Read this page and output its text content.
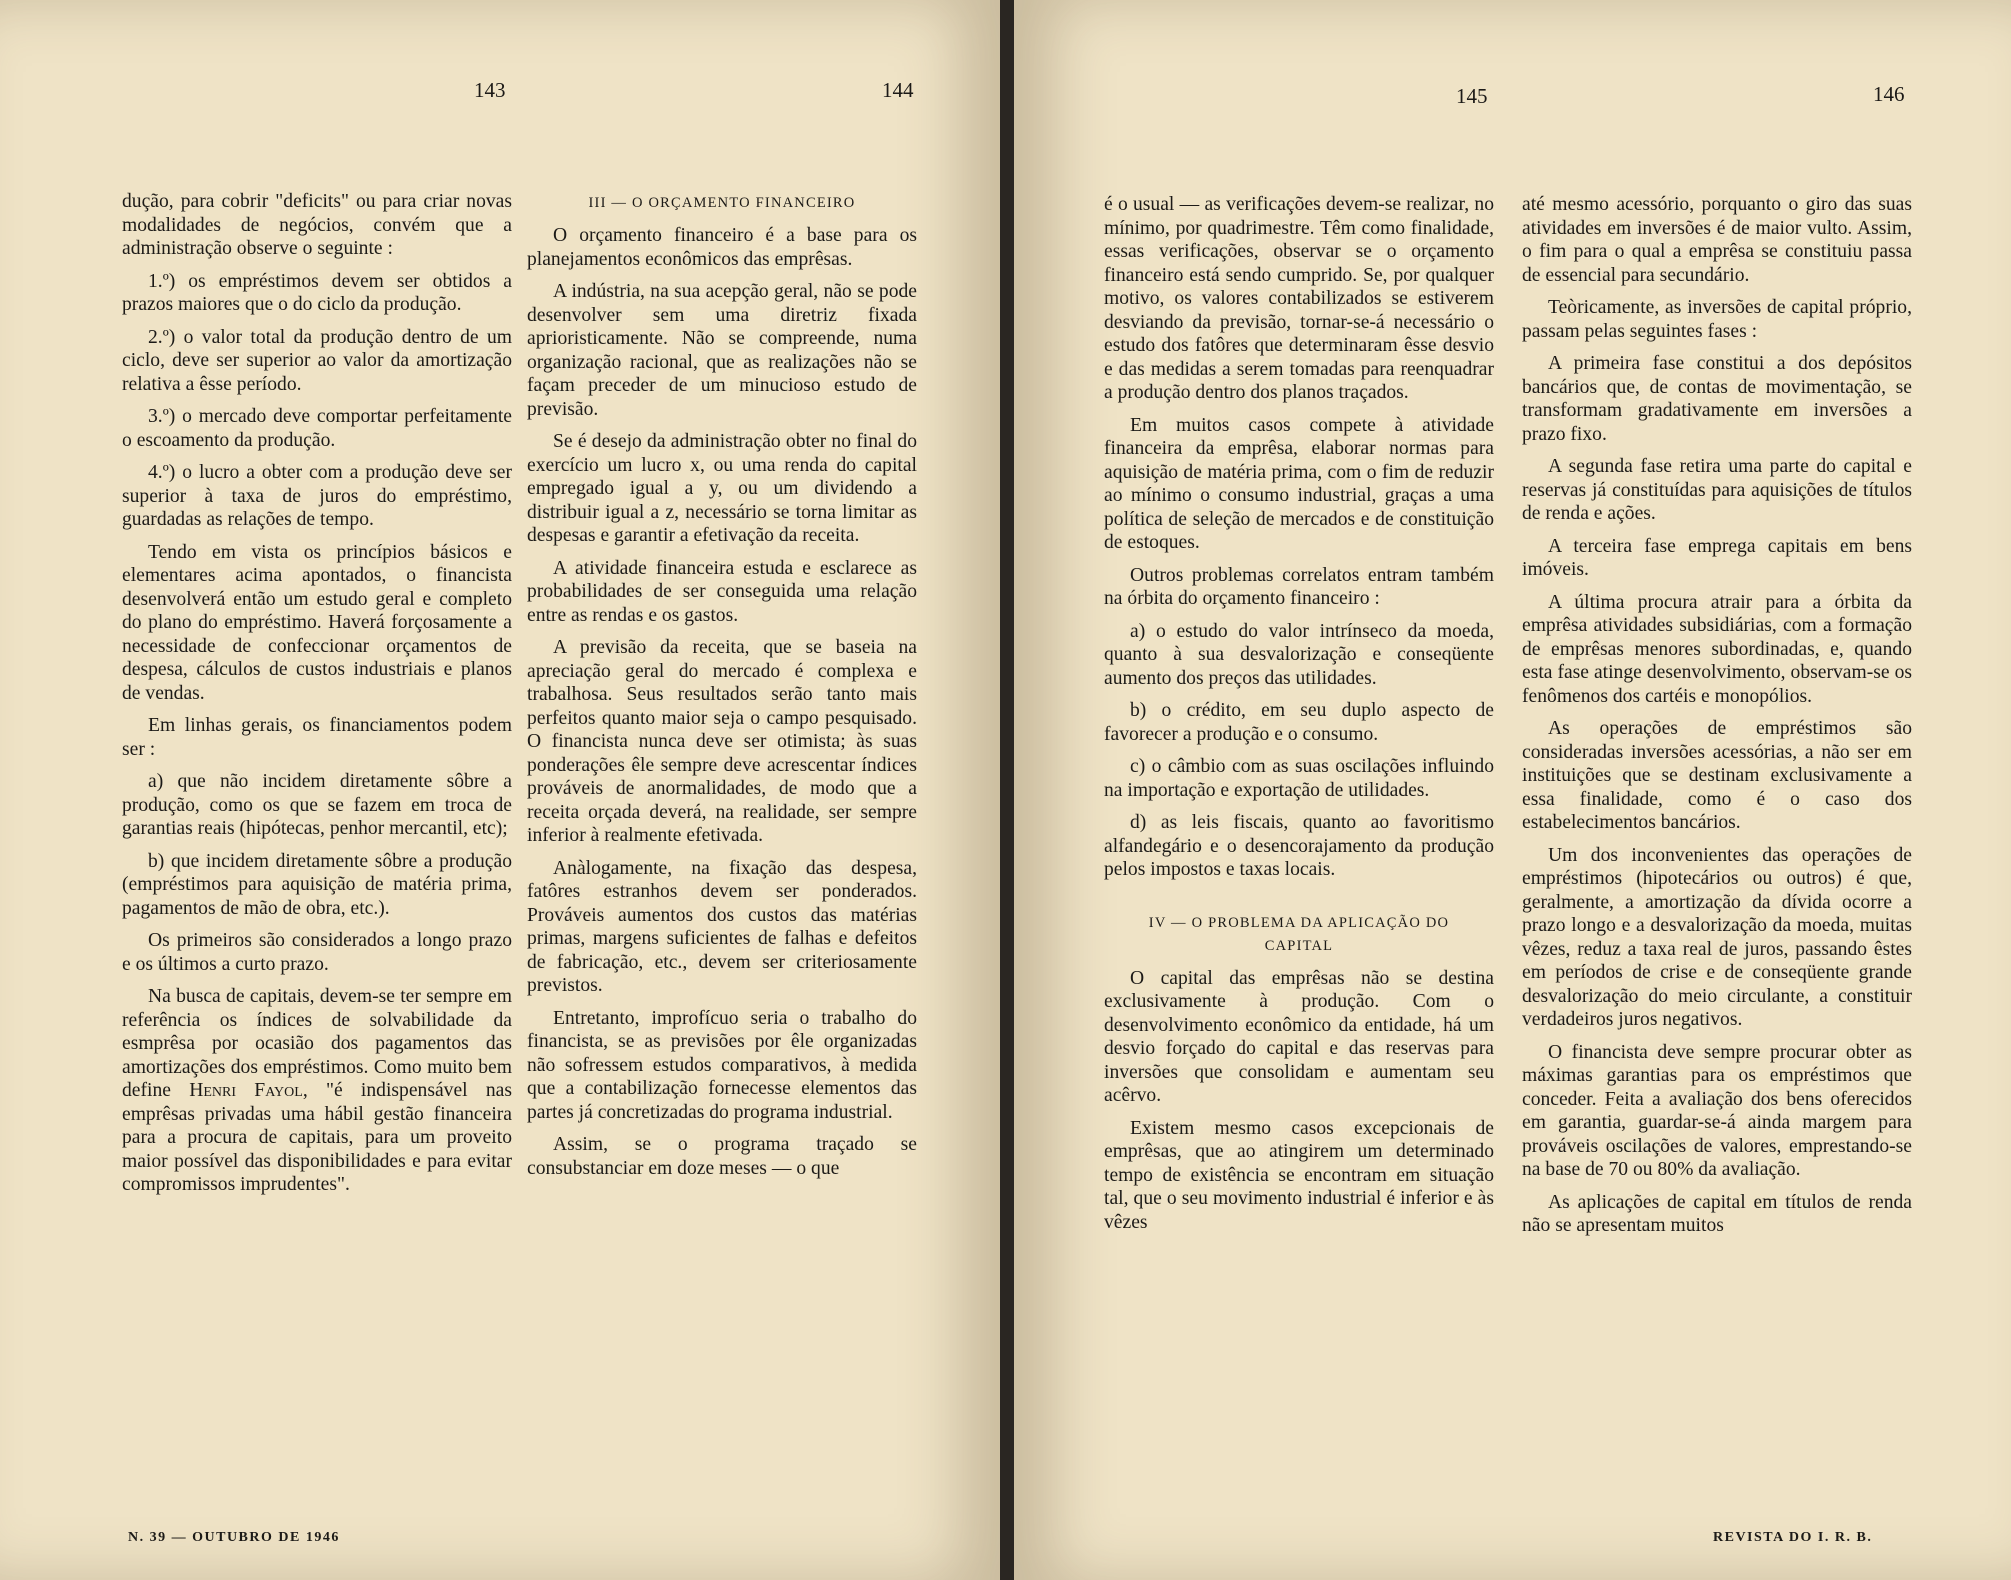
143	144

dução, para cobrir "deficits" ou para criar novas modalidades de negócios, convém que a administração observe o seguinte :

1.º) os empréstimos devem ser obtidos a prazos maiores que o do ciclo da produção.

2.º) o valor total da produção dentro de um ciclo, deve ser superior ao valor da amortização relativa a êsse período.

3.º) o mercado deve comportar perfeitamente o escoamento da produção.

4.º) o lucro a obter com a produção deve ser superior à taxa de juros do empréstimo, guardadas as relações de tempo.

Tendo em vista os princípios básicos e elementares acima apontados, o financista desenvolverá então um estudo geral e completo do plano do empréstimo. Haverá forçosamente a necessidade de confeccionar orçamentos de despesa, cálculos de custos industriais e planos de vendas.

Em linhas gerais, os financiamentos podem ser :

a) que não incidem diretamente sôbre a produção, como os que se fazem em troca de garantias reais (hipótecas, penhor mercantil, etc);

b) que incidem diretamente sôbre a produção (empréstimos para aquisição de matéria prima, pagamentos de mão de obra, etc.).

Os primeiros são considerados a longo prazo e os últimos a curto prazo.

Na busca de capitais, devem-se ter sempre em referência os índices de solvabilidade da esmprêsa por ocasião dos pagamentos das amortizações dos empréstimos. Como muito bem define Henri Fayol, "é indispensável nas emprêsas privadas uma hábil gestão financeira para a procura de capitais, para um proveito maior possível das disponibilidades e para evitar compromissos imprudentes".

III — O ORÇAMENTO FINANCEIRO

O orçamento financeiro é a base para os planejamentos econômicos das emprêsas.

A indústria, na sua acepção geral, não se pode desenvolver sem uma diretriz fixada aprioristicamente. Não se compreende, numa organização racional, que as realizações não se façam preceder de um minucioso estudo de previsão.

Se é desejo da administração obter no final do exercício um lucro x, ou uma renda do capital empregado igual a y, ou um dividendo a distribuir igual a z, necessário se torna limitar as despesas e garantir a efetivação da receita.

A atividade financeira estuda e esclarece as probabilidades de ser conseguida uma relação entre as rendas e os gastos.

A previsão da receita, que se baseia na apreciação geral do mercado é complexa e trabalhosa. Seus resultados serão tanto mais perfeitos quanto maior seja o campo pesquisado. O financista nunca deve ser otimista; às suas ponderações êle sempre deve acrescentar índices prováveis de anormalidades, de modo que a receita orçada deverá, na realidade, ser sempre inferior à realmente efetivada.

Anàlogamente, na fixação das despesa, fatôres estranhos devem ser ponderados. Prováveis aumentos dos custos das matérias primas, margens suficientes de falhas e defeitos de fabricação, etc., devem ser criteriosamente previstos.

Entretanto, improfícuo seria o trabalho do financista, se as previsões por êle organizadas não sofressem estudos comparativos, à medida que a contabilização fornecesse elementos das partes já concretizadas do programa industrial.

Assim, se o programa traçado se consubstanciar em doze meses — o que

N. 39 — OUTUBRO DE 1946
145	146

é o usual — as verificações devem-se realizar, no mínimo, por quadrimestre. Têm como finalidade, essas verificações, observar se o orçamento financeiro está sendo cumprido. Se, por qualquer motivo, os valores contabilizados se estiverem desviando da previsão, tornar-se-á necessário o estudo dos fatôres que determinaram êsse desvio e das medidas a serem tomadas para reenquadrar a produção dentro dos planos traçados.

Em muitos casos compete à atividade financeira da emprêsa, elaborar normas para aquisição de matéria prima, com o fim de reduzir ao mínimo o consumo industrial, graças a uma política de seleção de mercados e de constituição de estoques.

Outros problemas correlatos entram também na órbita do orçamento financeiro :

a) o estudo do valor intrínseco da moeda, quanto à sua desvalorização e conseqüente aumento dos preços das utilidades.

b) o crédito, em seu duplo aspecto de favorecer a produção e o consumo.

c) o câmbio com as suas oscilações influindo na importação e exportação de utilidades.

d) as leis fiscais, quanto ao favoritismo alfandegário e o desencorajamento da produção pelos impostos e taxas locais.

IV — O PROBLEMA DA APLICAÇÃO DO CAPITAL

O capital das emprêsas não se destina exclusivamente à produção. Com o desenvolvimento econômico da entidade, há um desvio forçado do capital e das reservas para inversões que consolidam e aumentam seu acêrvo.

Existem mesmo casos excepcionais de emprêsas, que ao atingirem um determinado tempo de existência se encontram em situação tal, que o seu movimento industrial é inferior e às vêzes

até mesmo acessório, porquanto o giro das suas atividades em inversões é de maior vulto. Assim, o fim para o qual a emprêsa se constituiu passa de essencial para secundário.

Teòricamente, as inversões de capital próprio, passam pelas seguintes fases :

A primeira fase constitui a dos depósitos bancários que, de contas de movimentação, se transformam gradativamente em inversões a prazo fixo.

A segunda fase retira uma parte do capital e reservas já constituídas para aquisições de títulos de renda e ações.

A terceira fase emprega capitais em bens imóveis.

A última procura atrair para a órbita da emprêsa atividades subsidiárias, com a formação de emprêsas menores subordinadas, e, quando esta fase atinge desenvolvimento, observam-se os fenômenos dos cartéis e monopólios.

As operações de empréstimos são consideradas inversões acessórias, a não ser em instituições que se destinam exclusivamente a essa finalidade, como é o caso dos estabelecimentos bancários.

Um dos inconvenientes das operações de empréstimos (hipotecários ou outros) é que, geralmente, a amortização da dívida ocorre a prazo longo e a desvalorização da moeda, muitas vêzes, reduz a taxa real de juros, passando êstes em períodos de crise e de conseqüente grande desvalorização do meio circulante, a constituir verdadeiros juros negativos.

O financista deve sempre procurar obter as máximas garantias para os empréstimos que conceder. Feita a avaliação dos bens oferecidos em garantia, guardar-se-á ainda margem para prováveis oscilações de valores, emprestando-se na base de 70 ou 80% da avaliação.

As aplicações de capital em títulos de renda não se apresentam muitos

REVISTA DO I. R. B.
